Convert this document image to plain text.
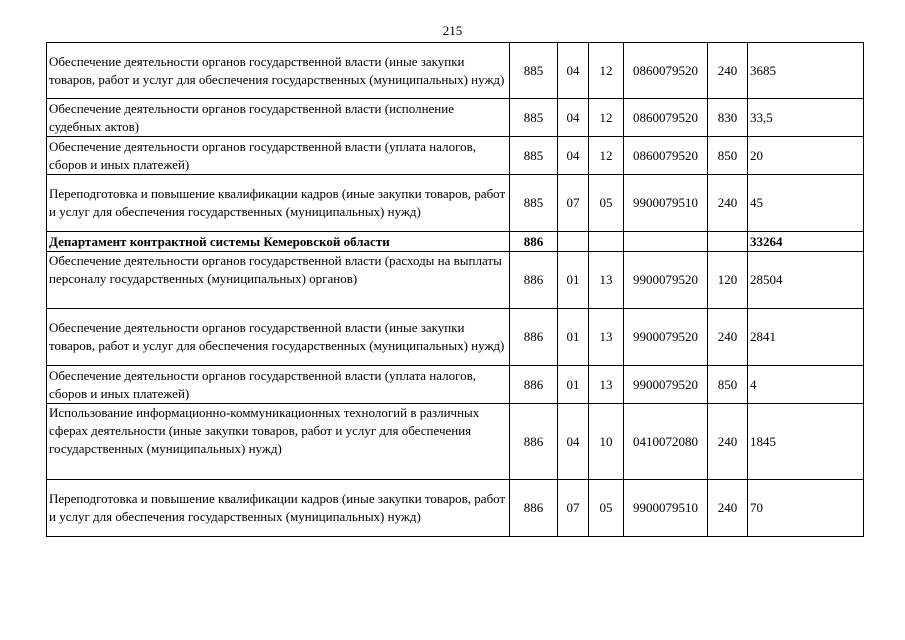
215
Обеспечение деятельности органов государственной власти (иные закупки товаров, работ и услуг для обеспечения государственных (муниципальных) нужд)	885	04	12	0860079520	240	3685
Обеспечение деятельности органов государственной власти (исполнение судебных актов)	885	04	12	0860079520	830	33,5
Обеспечение деятельности органов государственной власти (уплата налогов, сборов и иных платежей)	885	04	12	0860079520	850	20
Переподготовка и повышение квалификации кадров (иные закупки товаров, работ и услуг для обеспечения государственных (муниципальных) нужд)	885	07	05	9900079510	240	45
Департамент контрактной системы Кемеровской области	886					33264
Обеспечение деятельности органов государственной власти (расходы на выплаты персоналу государственных (муниципальных) органов)	886	01	13	9900079520	120	28504
Обеспечение деятельности органов государственной власти (иные закупки товаров, работ и услуг для обеспечения государственных (муниципальных) нужд)	886	01	13	9900079520	240	2841
Обеспечение деятельности органов государственной власти (уплата налогов, сборов и иных платежей)	886	01	13	9900079520	850	4
Использование информационно-коммуникационных технологий в различных сферах деятельности (иные закупки товаров, работ и услуг для обеспечения государственных (муниципальных) нужд)	886	04	10	0410072080	240	1845
Переподготовка и повышение квалификации кадров (иные закупки товаров, работ и услуг для обеспечения государственных (муниципальных) нужд)	886	07	05	9900079510	240	70
